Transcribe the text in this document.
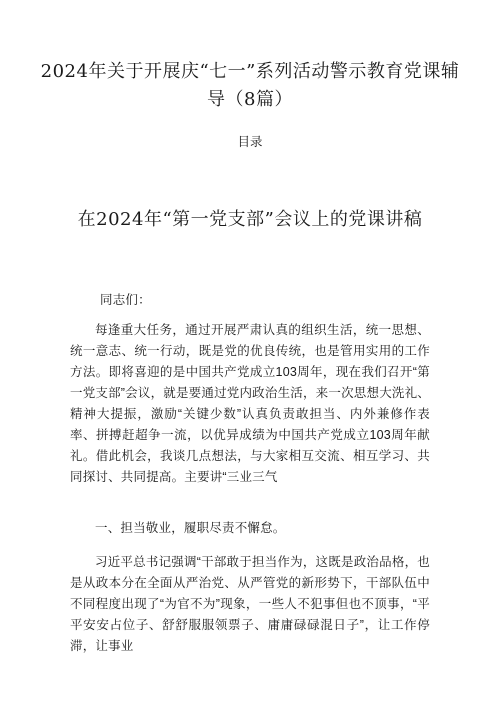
2024年关于开展庆“七一”系列活动警示教育党课辅导（8篇）
目录
在2024年“第一党支部”会议上的党课讲稿

同志们：

每逢重大任务，通过开展严肃认真的组织生活，统一思想、统一意志、统一行动，既是党的优良传统，也是管用实用的工作方法。即将喜迎的是中国共产党成立103周年，现在我们召开“第一党支部”会议，就是要通过党内政治生活，来一次思想大洗礼、精神大提振，激励“关键少数”认真负责敢担当、内外兼修作表率、拼搏赶超争一流，以优异成绩为中国共产党成立103周年献礼。借此机会，我谈几点想法，与大家相互交流、相互学习、共同探讨、共同提高。主要讲“三业三气

一、担当敬业，履职尽责不懈怠。

习近平总书记强调“干部敢于担当作为，这既是政治品格，也是从政本分在全面从严治党、从严管党的新形势下，干部队伍中不同程度出现了“为官不为”现象，一些人不犯事但也不顶事，“平平安安占位子、舒舒服服领票子、庸庸碌碌混日子”，让工作停滞，让事业
